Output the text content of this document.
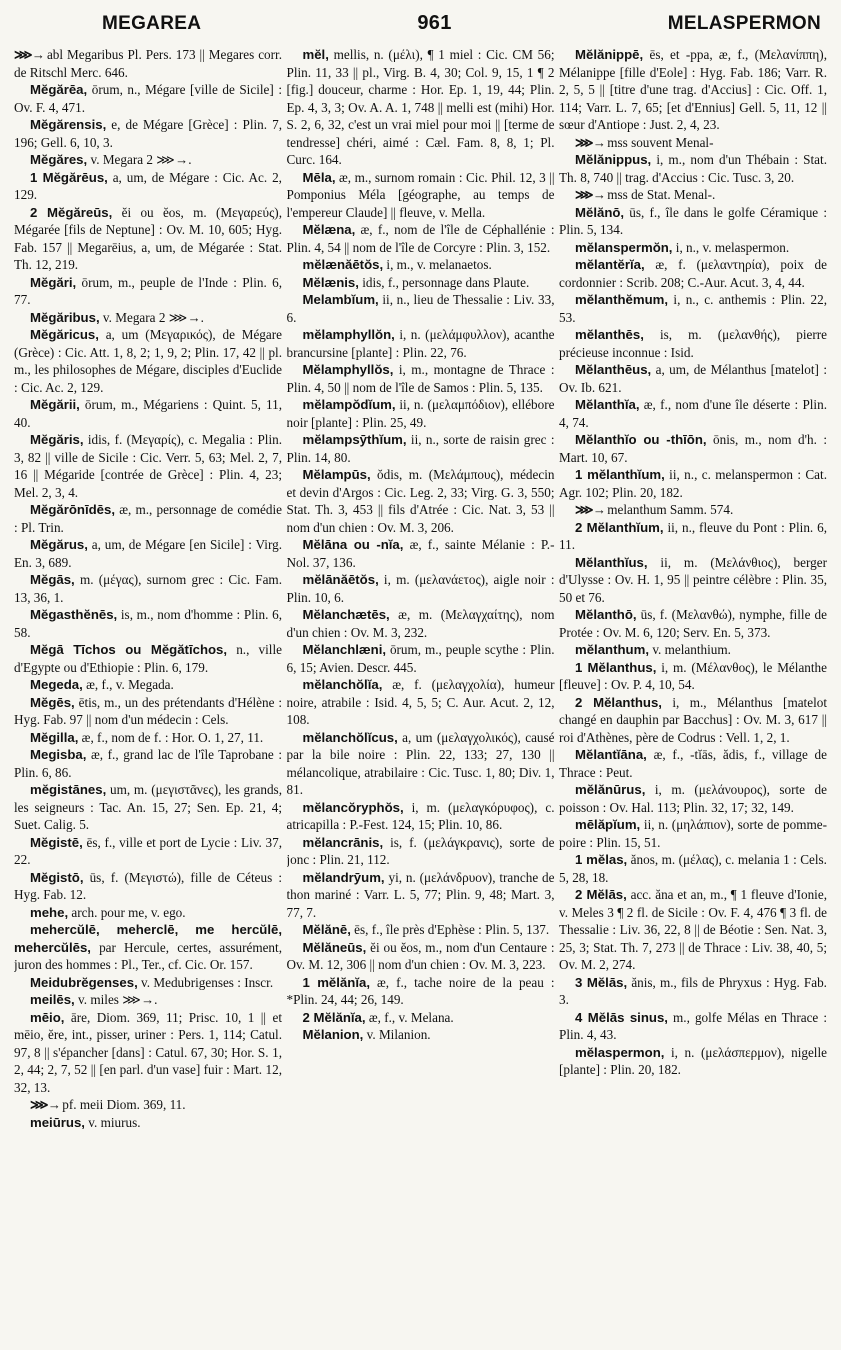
MEGAREA	961	MELASPERMON

⋙→ abl Megaribus Pl. Pers. 173 || Megares corr. de Ritschl Merc. 646.

Mĕgărēa, ōrum, n., Mégare [ville de Sicile] : Ov. F. 4, 471.

Mĕgărensis, e, de Mégare [Grèce] : Plin. 7, 196; Gell. 6, 10, 3.

Mĕgăres, v. Megara 2 ⋙→.

1 Mĕgărēus, a, um, de Mégare : Cic. Ac. 2, 129.

2 Mĕgăreūs, ĕi ou ĕos, m. (Μεγαρεύς), Mégarée [fils de Neptune] : Ov. M. 10, 605; Hyg. Fab. 157 || Megarēius, a, um, de Mégarée : Stat. Th. 12, 219.

Mĕgări, ōrum, m., peuple de l'Inde : Plin. 6, 77.

Mĕgăribus, v. Megara 2 ⋙→.

Mĕgăricus, a, um (Μεγαρικός), de Mégare (Grèce) : Cic. Att. 1, 8, 2; 1, 9, 2; Plin. 17, 42 || pl. m., les philosophes de Mégare, disciples d'Euclide : Cic. Ac. 2, 129.

Mĕgării, ōrum, m., Mégariens : Quint. 5, 11, 40.

Mĕgăris, idis, f. (Μεγαρίς), c. Megalia : Plin. 3, 82 || ville de Sicile : Cic. Verr. 5, 63; Mel. 2, 7, 16 || Mégaride [contrée de Grèce] : Plin. 4, 23; Mel. 2, 3, 4.

Mĕgărōnīdēs, æ, m., personnage de comédie : Pl. Trin.

Mĕgărus, a, um, de Mégare [en Sicile] : Virg. En. 3, 689.

Mĕgās, m. (μέγας), surnom grec : Cic. Fam. 13, 36, 1.

Mĕgasthĕnēs, is, m., nom d'homme : Plin. 6, 58.

Mĕgā Tīchos ou Mĕgătīchos, n., ville d'Egypte ou d'Ethiopie : Plin. 6, 179.

Megeda, æ, f., v. Megada.

Mĕgēs, ētis, m., un des prétendants d'Hélène : Hyg. Fab. 97 || nom d'un médecin : Cels.

Mĕgilla, æ, f., nom de f. : Hor. O. 1, 27, 11.

Megisba, æ, f., grand lac de l'île Taprobane : Plin. 6, 86.

mĕgistānes, um, m. (μεγιστᾶνες), les grands, les seigneurs : Tac. An. 15, 27; Sen. Ep. 21, 4; Suet. Calig. 5.

Mĕgistē, ēs, f., ville et port de Lycie : Liv. 37, 22.

Mĕgistō, ūs, f. (Μεγιστώ), fille de Céteus : Hyg. Fab. 12.

mehe, arch. pour me, v. ego.

mehercŭlē, meherclē, me hercŭlē, mehercŭlēs, par Hercule, certes, assurément, juron des hommes : Pl., Ter., cf. Cic. Or. 157.

Meidubrĕgenses, v. Medubrigenses : Inscr.

meilēs, v. miles ⋙→.

mēio, āre, Diom. 369, 11; Prisc. 10, 1 || et mēio, ĕre, int., pisser, uriner : Pers. 1, 114; Catul. 97, 8 || s'épancher [dans] : Catul. 67, 30; Hor. S. 1, 2, 44; 2, 7, 52 || [en parl. d'un vase] fuir : Mart. 12, 32, 13.

⋙→ pf. meii Diom. 369, 11.

meiūrus, v. miurus.

mĕl, mellis, n. (μέλι), ¶ 1 miel : Cic. CM 56; Plin. 11, 33 || pl., Virg. B. 4, 30; Col. 9, 15, 1 ¶ 2 [fig.] douceur, charme : Hor. Ep. 1, 19, 44; Plin. Ep. 4, 3, 3; Ov. A. A. 1, 748 || melli est (mihi) Hor. S. 2, 6, 32, c'est un vrai miel pour moi || [terme de tendresse] chéri, aimé : Cæl. Fam. 8, 8, 1; Pl. Curc. 164.

Mēla, æ, m., surnom romain : Cic. Phil. 12, 3 || Pomponius Méla [géographe, au temps de l'empereur Claude] || fleuve, v. Mella.

Mĕlæna, æ, f., nom de l'île de Céphallénie : Plin. 4, 54 || nom de l'île de Corcyre : Plin. 3, 152.

mĕlænăētŏs, i, m., v. melanaetos.

Mĕlænis, idis, f., personnage dans Plaute.

Melambĭum, ii, n., lieu de Thessalie : Liv. 33, 6.

mĕlamphyllŏn, i, n. (μελάμφυλλον), acanthe brancursine [plante] : Plin. 22, 76.

Mĕlamphyllŏs, i, m., montagne de Thrace : Plin. 4, 50 || nom de l'île de Samos : Plin. 5, 135.

mĕlampŏdĭum, ii, n. (μελαμπόδιον), ellébore noir [plante] : Plin. 25, 49.

mĕlampsȳthĭum, ii, n., sorte de raisin grec : Plin. 14, 80.

Mĕlampūs, ŏdis, m. (Μελάμπους), médecin et devin d'Argos : Cic. Leg. 2, 33; Virg. G. 3, 550; Stat. Th. 3, 453 || fils d'Atrée : Cic. Nat. 3, 53 || nom d'un chien : Ov. M. 3, 206.

Mĕlāna ou -nĭa, æ, f., sainte Mélanie : P.-Nol. 37, 136.

mĕlānăētŏs, i, m. (μελανάετος), aigle noir : Plin. 10, 6.

Mĕlanchætēs, æ, m. (Μελαγχαίτης), nom d'un chien : Ov. M. 3, 232.

Mĕlanchlæni, ōrum, m., peuple scythe : Plin. 6, 15; Avien. Descr. 445.

mĕlanchŏlĭa, æ, f. (μελαγχολία), humeur noire, atrabile : Isid. 4, 5, 5; C. Aur. Acut. 2, 12, 108.

mĕlanchŏlĭcus, a, um (μελαγχολικός), causé par la bile noire : Plin. 22, 133; 27, 130 || mélancolique, atrabilaire : Cic. Tusc. 1, 80; Div. 1, 81.

mĕlancŏryphŏs, i, m. (μελαγκόρυφος), c. atricapilla : P.-Fest. 124, 15; Plin. 10, 86.

mĕlancrānis, is, f. (μελάγκρανις), sorte de jonc : Plin. 21, 112.

mĕlandrȳum, yi, n. (μελάνδρυον), tranche de thon mariné : Varr. L. 5, 77; Plin. 9, 48; Mart. 3, 77, 7.

Mĕlănē, ēs, f., île près d'Ephèse : Plin. 5, 137.

Mĕlăneūs, ĕi ou ĕos, m., nom d'un Centaure : Ov. M. 12, 306 || nom d'un chien : Ov. M. 3, 223.

1 mĕlănĭa, æ, f., tache noire de la peau : *Plin. 24, 44; 26, 149.

2 Mĕlănĭa, æ, f., v. Melana.

Mĕlanion, v. Milanion.

Mĕlănippē, ēs, et -ppa, æ, f., (Μελανίππη), Mélanippe [fille d'Eole] : Hyg. Fab. 186; Varr. R. 2, 5, 5 || [titre d'une trag. d'Accius] : Cic. Off. 1, 114; Varr. L. 7, 65; [et d'Ennius] Gell. 5, 11, 12 || sœur d'Antiope : Just. 2, 4, 23.

⋙→ mss souvent Menal-

Mĕlănippus, i, m., nom d'un Thébain : Stat. Th. 8, 740 || trag. d'Accius : Cic. Tusc. 3, 20.

⋙→ mss de Stat. Menal-.

Mĕlănō, ūs, f., île dans le golfe Céramique : Plin. 5, 134.

mĕlanspermŏn, i, n., v. melaspermon.

mĕlantĕrĭa, æ, f. (μελαντηρία), poix de cordonnier : Scrib. 208; C.-Aur. Acut. 3, 4, 44.

mĕlanthĕmum, i, n., c. anthemis : Plin. 22, 53.

mĕlanthēs, is, m. (μελανθής), pierre précieuse inconnue : Isid.

Mĕlanthēus, a, um, de Mélanthus [matelot] : Ov. Ib. 621.

Mĕlanthĭa, æ, f., nom d'une île déserte : Plin. 4, 74.

Mĕlanthĭo ou -thīōn, ōnis, m., nom d'h. : Mart. 10, 67.

1 mĕlanthĭum, ii, n., c. melanspermon : Cat. Agr. 102; Plin. 20, 182.

⋙→ melanthum Samm. 574.

2 Mĕlanthĭum, ii, n., fleuve du Pont : Plin. 6, 11.

Mĕlanthĭus, ii, m. (Μελάνθιος), berger d'Ulysse : Ov. H. 1, 95 || peintre célèbre : Plin. 35, 50 et 76.

Mĕlanthō, ūs, f. (Μελανθώ), nymphe, fille de Protée : Ov. M. 6, 120; Serv. En. 5, 373.

mĕlanthum, v. melanthium.

1 Mĕlanthus, i, m. (Μέλανθος), le Mélanthe [fleuve] : Ov. P. 4, 10, 54.

2 Mĕlanthus, i, m., Mélanthus [matelot changé en dauphin par Bacchus] : Ov. M. 3, 617 || roi d'Athènes, père de Codrus : Vell. 1, 2, 1.

Mĕlantĭāna, æ, f., -tĭās, ădis, f., village de Thrace : Peut.

mĕlănūrus, i, m. (μελάνουρος), sorte de poisson : Ov. Hal. 113; Plin. 32, 17; 32, 149.

mēlăpĭum, ii, n. (μηλάπιον), sorte de pomme-poire : Plin. 15, 51.

1 mĕlas, ănos, m. (μέλας), c. melania 1 : Cels. 5, 28, 18.

2 Mĕlās, acc. ăna et an, m., ¶ 1 fleuve d'Ionie, v. Meles 3 ¶ 2 fl. de Sicile : Ov. F. 4, 476 ¶ 3 fl. de Thessalie : Liv. 36, 22, 8 || de Béotie : Sen. Nat. 3, 25, 3; Stat. Th. 7, 273 || de Thrace : Liv. 38, 40, 5; Ov. M. 2, 274.

3 Mĕlās, ănis, m., fils de Phryxus : Hyg. Fab. 3.

4 Mĕlās sinus, m., golfe Mélas en Thrace : Plin. 4, 43.

mĕlaspermon, i, n. (μελάσπερμον), nigelle [plante] : Plin. 20, 182.
